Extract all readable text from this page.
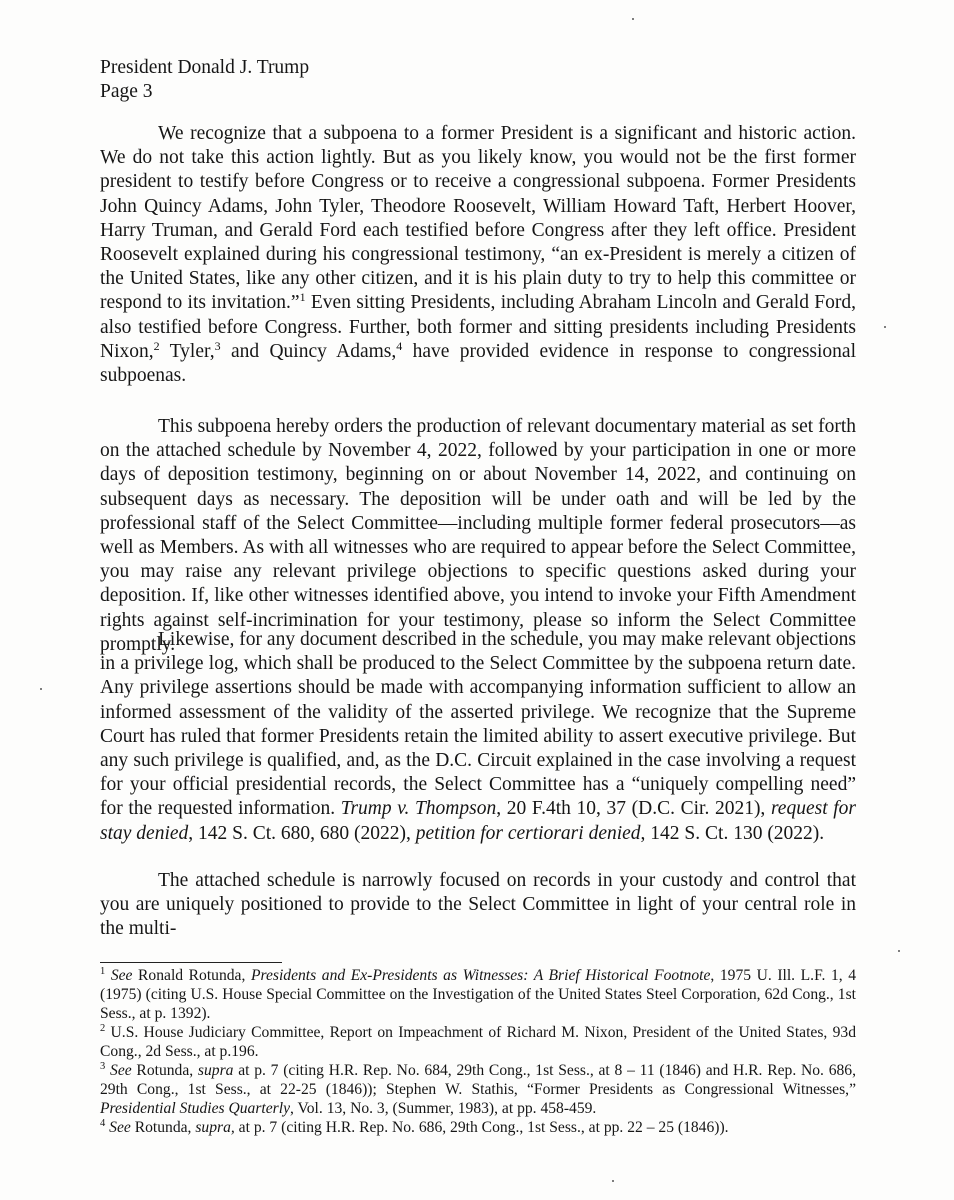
President Donald J. Trump
Page 3

We recognize that a subpoena to a former President is a significant and historic action. We do not take this action lightly. But as you likely know, you would not be the first former president to testify before Congress or to receive a congressional subpoena. Former Presidents John Quincy Adams, John Tyler, Theodore Roosevelt, William Howard Taft, Herbert Hoover, Harry Truman, and Gerald Ford each testified before Congress after they left office. President Roosevelt explained during his congressional testimony, “an ex-President is merely a citizen of the United States, like any other citizen, and it is his plain duty to try to help this committee or respond to its invitation.”$^1$ Even sitting Presidents, including Abraham Lincoln and Gerald Ford, also testified before Congress. Further, both former and sitting presidents including Presidents Nixon,$^2$ Tyler,$^3$ and Quincy Adams,$^4$ have provided evidence in response to congressional subpoenas.

This subpoena hereby orders the production of relevant documentary material as set forth on the attached schedule by November 4, 2022, followed by your participation in one or more days of deposition testimony, beginning on or about November 14, 2022, and continuing on subsequent days as necessary. The deposition will be under oath and will be led by the professional staff of the Select Committee—including multiple former federal prosecutors—as well as Members. As with all witnesses who are required to appear before the Select Committee, you may raise any relevant privilege objections to specific questions asked during your deposition. If, like other witnesses identified above, you intend to invoke your Fifth Amendment rights against self-incrimination for your testimony, please so inform the Select Committee promptly.

Likewise, for any document described in the schedule, you may make relevant objections in a privilege log, which shall be produced to the Select Committee by the subpoena return date. Any privilege assertions should be made with accompanying information sufficient to allow an informed assessment of the validity of the asserted privilege. We recognize that the Supreme Court has ruled that former Presidents retain the limited ability to assert executive privilege. But any such privilege is qualified, and, as the D.C. Circuit explained in the case involving a request for your official presidential records, the Select Committee has a “uniquely compelling need” for the requested information. Trump v. Thompson, 20 F.4th 10, 37 (D.C. Cir. 2021), request for stay denied, 142 S. Ct. 680, 680 (2022), petition for certiorari denied, 142 S. Ct. 130 (2022).

The attached schedule is narrowly focused on records in your custody and control that you are uniquely positioned to provide to the Select Committee in light of your central role in the multi-

$^1$ See Ronald Rotunda, Presidents and Ex-Presidents as Witnesses: A Brief Historical Footnote, 1975 U. Ill. L.F. 1, 4 (1975) (citing U.S. House Special Committee on the Investigation of the United States Steel Corporation, 62d Cong., 1st Sess., at p. 1392).

$^2$ U.S. House Judiciary Committee, Report on Impeachment of Richard M. Nixon, President of the United States, 93d Cong., 2d Sess., at p.196.

$^3$ See Rotunda, supra at p. 7 (citing H.R. Rep. No. 684, 29th Cong., 1st Sess., at 8 – 11 (1846) and H.R. Rep. No. 686, 29th Cong., 1st Sess., at 22-25 (1846)); Stephen W. Stathis, “Former Presidents as Congressional Witnesses,” Presidential Studies Quarterly, Vol. 13, No. 3, (Summer, 1983), at pp. 458-459.

$^4$ See Rotunda, supra, at p. 7 (citing H.R. Rep. No. 686, 29th Cong., 1st Sess., at pp. 22 – 25 (1846)).
